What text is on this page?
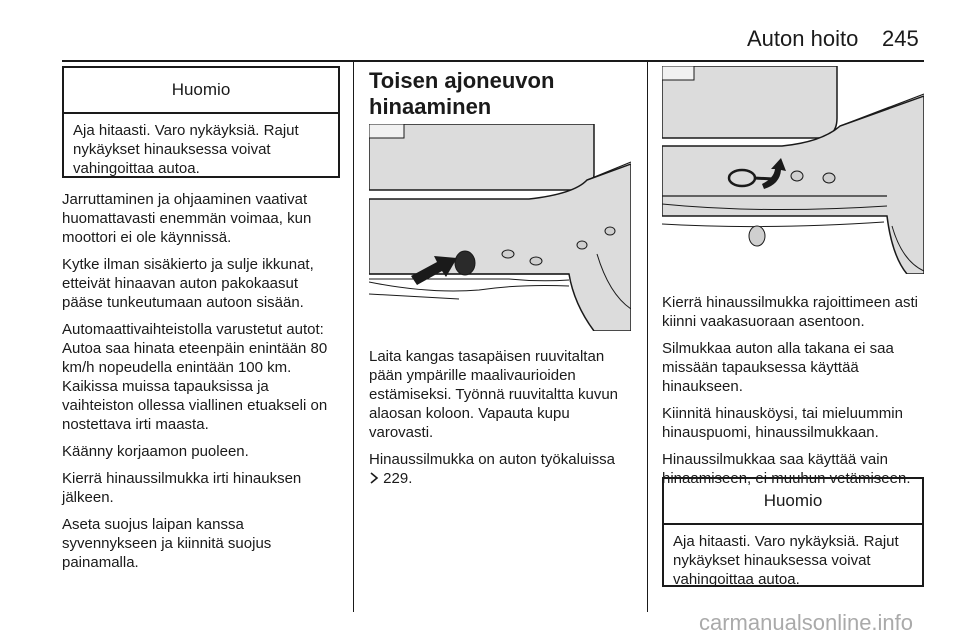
Auton hoito 245
Huomio
Aja hitaasti. Varo nykäyksiä. Rajut nykäykset hinauksessa voivat vahingoittaa autoa.

Jarruttaminen ja ohjaaminen vaativat huomattavasti enemmän voimaa, kun moottori ei ole käynnissä.

Kytke ilman sisäkierto ja sulje ikkunat, etteivät hinaavan auton pakokaasut pääse tunkeutumaan autoon sisään.

Automaattivaihteistolla varustetut autot: Autoa saa hinata eteenpäin enintään 80 km/h nopeudella enintään 100 km. Kaikissa muissa tapauksissa ja vaihteiston ollessa viallinen etuakseli on nostettava irti maasta.

Käänny korjaamon puoleen.

Kierrä hinaussilmukka irti hinauksen jälkeen.

Aseta suojus laipan kanssa syvennykseen ja kiinnitä suojus painamalla.

Toisen ajoneuvon
hinaaminen

Laita kangas tasapäisen ruuvitaltan pään ympärille maalivaurioiden estämiseksi. Työnnä ruuvitaltta kuvun alaosan koloon. Vapauta kupu varovasti.

Hinaussilmukka on auton työkaluissa
229.

Kierrä hinaussilmukka rajoittimeen asti kiinni vaakasuoraan asentoon.

Silmukkaa auton alla takana ei saa missään tapauksessa käyttää hinaukseen.

Kiinnitä hinausköysi, tai mieluummin hinauspuomi, hinaussilmukkaan.

Hinaussilmukkaa saa käyttää vain hinaamiseen, ei muuhun vetämiseen.

Huomio
Aja hitaasti. Varo nykäyksiä. Rajut nykäykset hinauksessa voivat vahingoittaa autoa.
carmanualsonline.info
